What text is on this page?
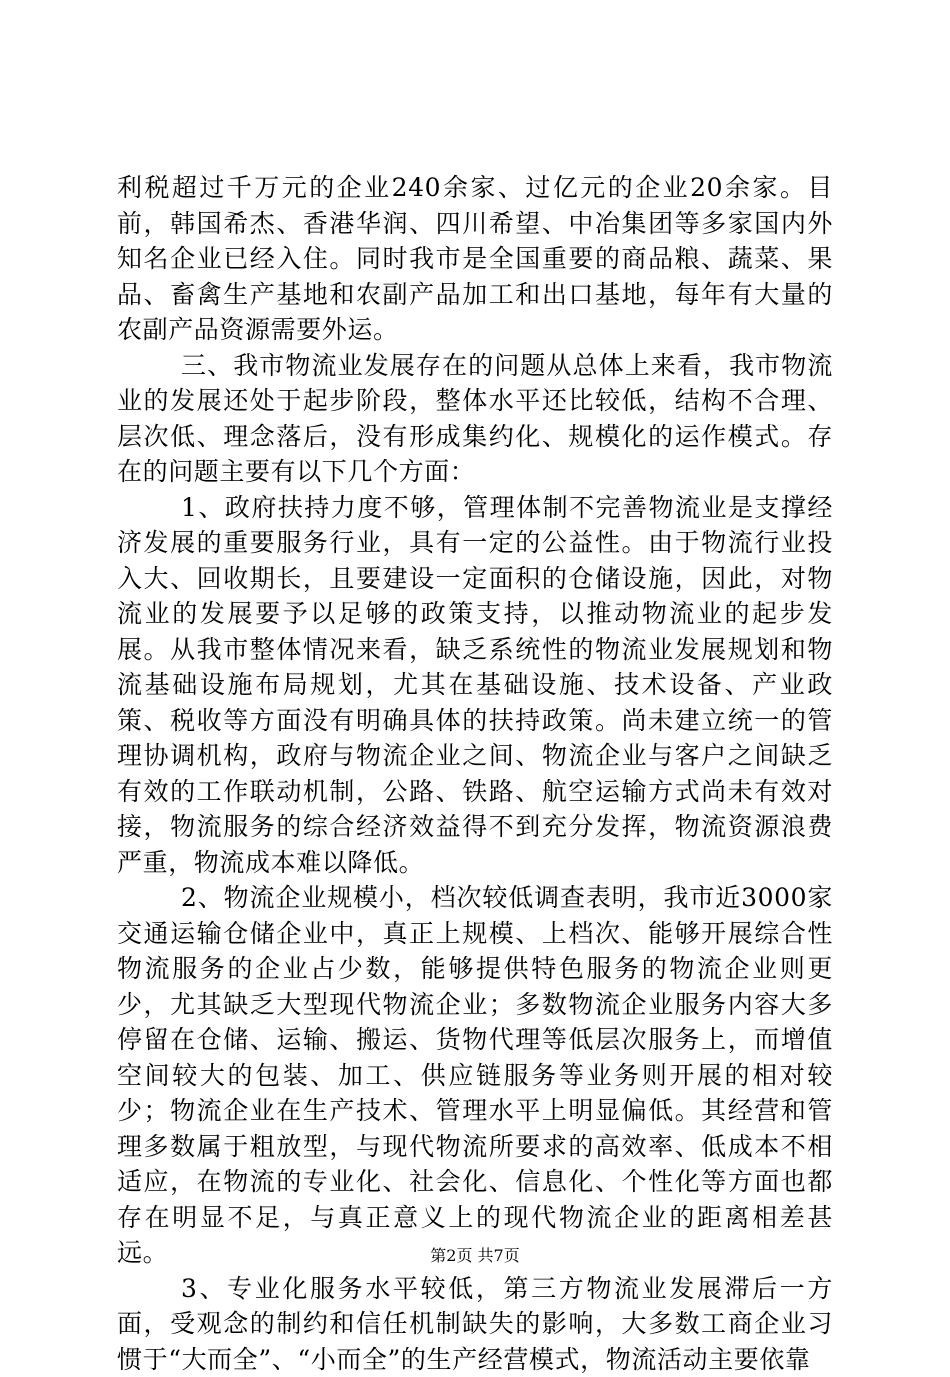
利税超过千万元的企业240余家、过亿元的企业20余家。目前，韩国希杰、香港华润、四川希望、中冶集团等多家国内外知名企业已经入住。同时我市是全国重要的商品粮、蔬菜、果品、畜禽生产基地和农副产品加工和出口基地，每年有大量的农副产品资源需要外运。

三、我市物流业发展存在的问题从总体上来看，我市物流业的发展还处于起步阶段，整体水平还比较低，结构不合理、层次低、理念落后，没有形成集约化、规模化的运作模式。存在的问题主要有以下几个方面：

1、政府扶持力度不够，管理体制不完善物流业是支撑经济发展的重要服务行业，具有一定的公益性。由于物流行业投入大、回收期长，且要建设一定面积的仓储设施，因此，对物流业的发展要予以足够的政策支持，以推动物流业的起步发展。从我市整体情况来看，缺乏系统性的物流业发展规划和物流基础设施布局规划，尤其在基础设施、技术设备、产业政策、税收等方面没有明确具体的扶持政策。尚未建立统一的管理协调机构，政府与物流企业之间、物流企业与客户之间缺乏有效的工作联动机制，公路、铁路、航空运输方式尚未有效对接，物流服务的综合经济效益得不到充分发挥，物流资源浪费严重，物流成本难以降低。

2、物流企业规模小，档次较低调查表明，我市近3000家交通运输仓储企业中，真正上规模、上档次、能够开展综合性物流服务的企业占少数，能够提供特色服务的物流企业则更少，尤其缺乏大型现代物流企业；多数物流企业服务内容大多停留在仓储、运输、搬运、货物代理等低层次服务上，而增值空间较大的包装、加工、供应链服务等业务则开展的相对较少；物流企业在生产技术、管理水平上明显偏低。其经营和管理多数属于粗放型，与现代物流所要求的高效率、低成本不相适应，在物流的专业化、社会化、信息化、个性化等方面也都存在明显不足，与真正意义上的现代物流企业的距离相差甚远。

3、专业化服务水平较低，第三方物流业发展滞后一方面，受观念的制约和信任机制缺失的影响，大多数工商企业习惯于“大而全”、“小而全”的生产经营模式，物流活动主要依靠

第2页 共7页
